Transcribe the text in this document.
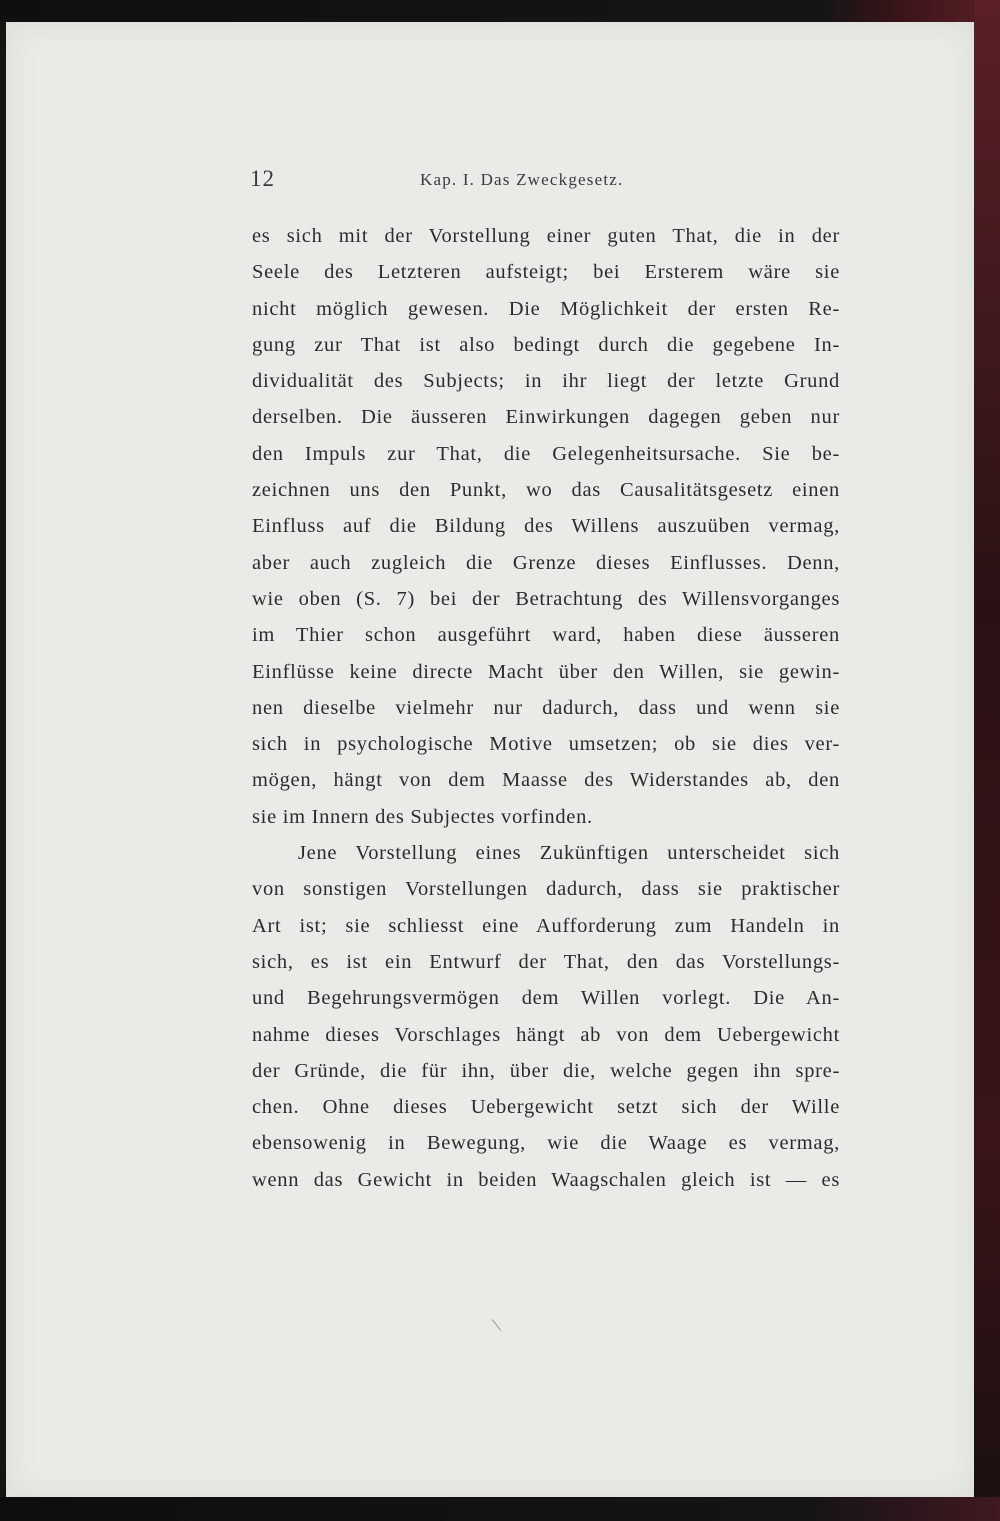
12	Kap. I. Das Zweckgesetz.
es sich mit der Vorstellung einer guten That, die in der
Seele des Letzteren aufsteigt; bei Ersterem wäre sie
nicht möglich gewesen. Die Möglichkeit der ersten Re-
gung zur That ist also bedingt durch die gegebene In-
dividualität des Subjects; in ihr liegt der letzte Grund
derselben. Die äusseren Einwirkungen dagegen geben nur
den Impuls zur That, die Gelegenheitsursache. Sie be-
zeichnen uns den Punkt, wo das Causalitätsgesetz einen
Einfluss auf die Bildung des Willens auszuüben vermag,
aber auch zugleich die Grenze dieses Einflusses. Denn,
wie oben (S. 7) bei der Betrachtung des Willensvorganges
im Thier schon ausgeführt ward, haben diese äusseren
Einflüsse keine directe Macht über den Willen, sie gewin-
nen dieselbe vielmehr nur dadurch, dass und wenn sie
sich in psychologische Motive umsetzen; ob sie dies ver-
mögen, hängt von dem Maasse des Widerstandes ab, den
sie im Innern des Subjectes vorfinden.
Jene Vorstellung eines Zukünftigen unterscheidet sich
von sonstigen Vorstellungen dadurch, dass sie praktischer
Art ist; sie schliesst eine Aufforderung zum Handeln in
sich, es ist ein Entwurf der That, den das Vorstellungs-
und Begehrungsvermögen dem Willen vorlegt. Die An-
nahme dieses Vorschlages hängt ab von dem Uebergewicht
der Gründe, die für ihn, über die, welche gegen ihn spre-
chen. Ohne dieses Uebergewicht setzt sich der Wille
ebensowenig in Bewegung, wie die Waage es vermag,
wenn das Gewicht in beiden Waagschalen gleich ist — es
